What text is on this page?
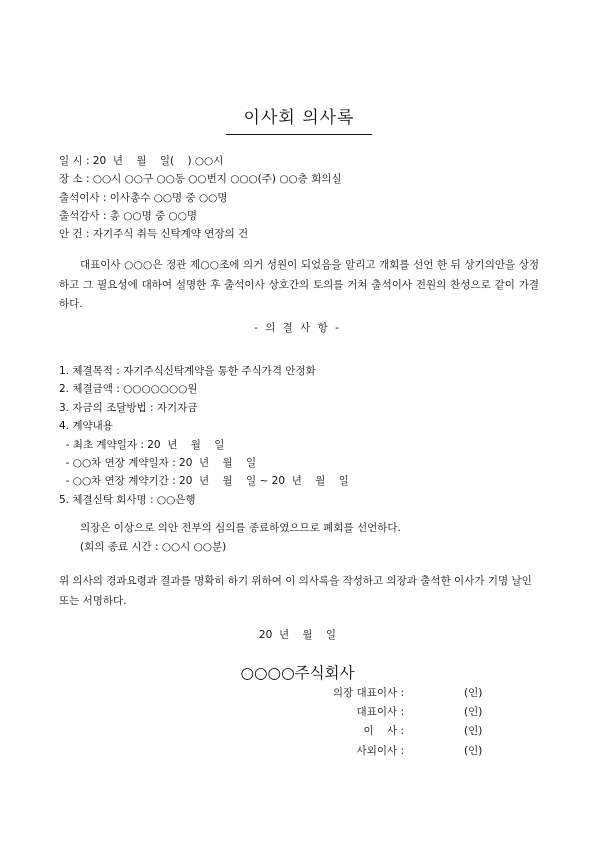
이사회 의사록
일 시 : 20  년    월    일(    ) ○○시
장 소 : ○○시 ○○구 ○○동 ○○번지 ○○○(주) ○○층 회의실
출석이사 : 이사총수 ○○명 중 ○○명
출석감사 : 총 ○○명 중 ○○명
안 건 : 자기주식 취득 신탁계약 연장의 건
대표이사 ○○○은 정관 제○○조에 의거 성원이 되었음을 알리고 개회를 선언 한 뒤 상기의안을 상정하고 그 필요성에 대하여 설명한 후 출석이사 상호간의 토의를 거쳐 출석이사 전원의 찬성으로 같이 가결하다.
- 의 결 사 항 -
1. 체결목적 : 자기주식신탁계약을 통한 주식가격 안정화
2. 체결금액 : ○○○○○○○원
3. 자금의 조달방법 : 자기자금
4. 계약내용
- 최초 계약일자 : 20  년    월    일
- ○○차 연장 계약일자 : 20  년    월    일
- ○○차 연장 계약기간 : 20  년    월    일 ~ 20  년    월    일
5. 체결신탁 회사명 : ○○은행
의장은 이상으로 의안 전부의 심의를 종료하였으므로 폐회를 선언하다.
(회의 종료 시간 : ○○시 ○○분)
위 의사의 경과요령과 결과를 명확히 하기 위하여 이 의사록을 작성하고 의장과 출석한 이사가 기명 날인 또는 서명하다.
20  년    월    일
○○○○주식회사
의장 대표이사 :	(인)
대표이사 :	(인)
이    사 :	(인)
사외이사 :	(인)
